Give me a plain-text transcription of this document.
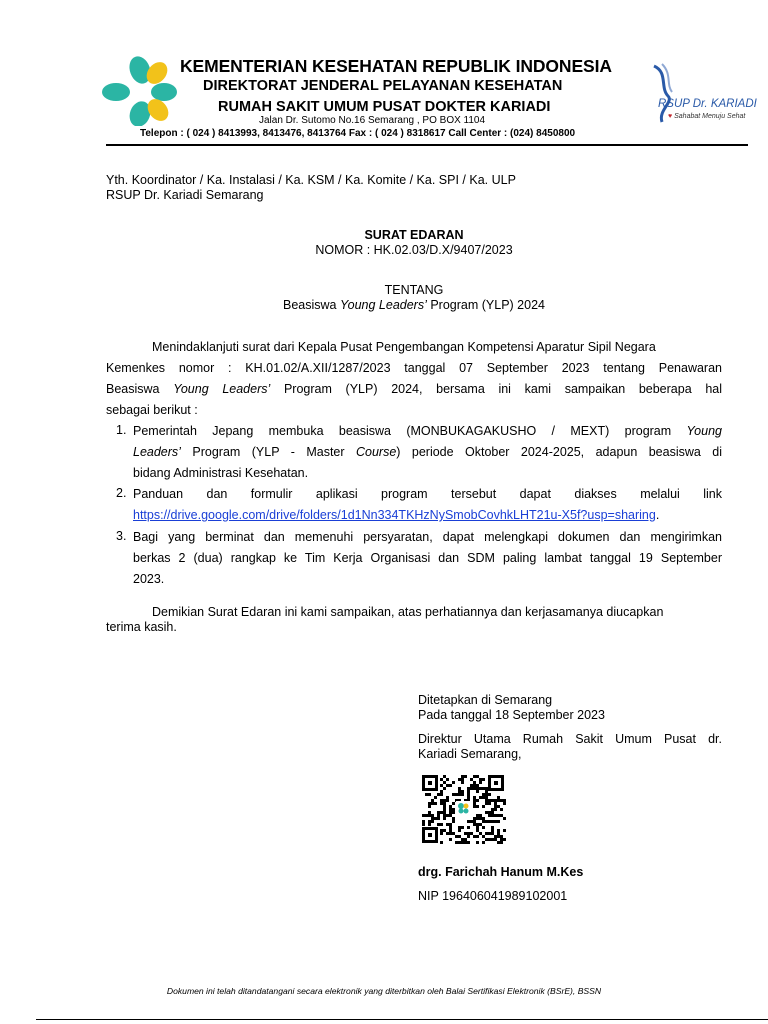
KEMENTERIAN KESEHATAN REPUBLIK INDONESIA
DIREKTORAT JENDERAL PELAYANAN KESEHATAN
RUMAH SAKIT UMUM PUSAT DOKTER KARIADI
Jalan Dr. Sutomo No.16 Semarang , PO BOX 1104
Telepon : ( 024 ) 8413993, 8413476, 8413764 Fax : ( 024 ) 8318617 Call Center : (024) 8450800
RSUP Dr. KARIADI
♥ Sahabat Menuju Sehat
Yth. Koordinator / Ka. Instalasi / Ka. KSM / Ka. Komite / Ka. SPI / Ka. ULP
RSUP Dr. Kariadi Semarang
SURAT EDARAN
NOMOR : HK.02.03/D.X/9407/2023
TENTANG
Beasiswa Young Leaders’ Program (YLP) 2024
Menindaklanjuti surat dari Kepala Pusat Pengembangan Kompetensi Aparatur Sipil Negara
Kemenkes nomor : KH.01.02/A.XII/1287/2023 tanggal 07 September 2023 tentang Penawaran
Beasiswa Young Leaders’ Program (YLP) 2024, bersama ini kami sampaikan beberapa hal
sebagai berikut :
1. Pemerintah Jepang membuka beasiswa (MONBUKAGAKUSHO / MEXT) program Young
Leaders’ Program (YLP - Master Course) periode Oktober 2024-2025, adapun beasiswa di
bidang Administrasi Kesehatan.
2. Panduan dan formulir aplikasi program tersebut dapat diakses melalui link
https://drive.google.com/drive/folders/1d1Nn334TKHzNySmobCovhkLHT21u-X5f?usp=sharing.
3. Bagi yang berminat dan memenuhi persyaratan, dapat melengkapi dokumen dan mengirimkan
berkas 2 (dua) rangkap ke Tim Kerja Organisasi dan SDM paling lambat tanggal 19 September
2023.
Demikian Surat Edaran ini kami sampaikan, atas perhatiannya dan kerjasamanya diucapkan
terima kasih.
Ditetapkan di Semarang
Pada tanggal 18 September 2023
Direktur Utama Rumah Sakit Umum Pusat dr.
Kariadi Semarang,
drg. Farichah Hanum M.Kes
NIP 196406041989102001
Dokumen ini telah ditandatangani secara elektronik yang diterbitkan oleh Balai Sertifikasi Elektronik (BSrE), BSSN
